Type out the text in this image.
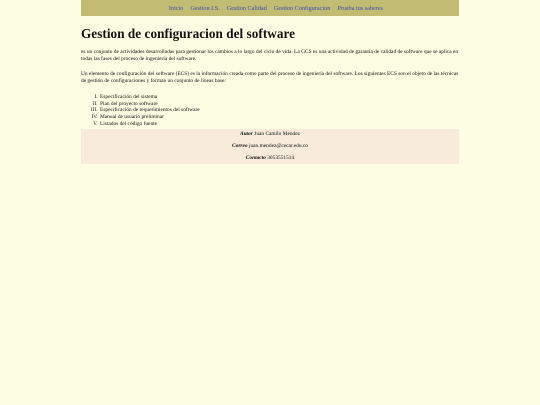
Inicio Gestion I.S. Gestion Calidad Gestion Configuracion Prueba tus saberes
Gestion de configuracion del software

es un conjunto de actividades desarrolladas para gestionar los cambios a lo largo del ciclo de vida. La GCS es una actividad de garantía de calidad de software que se aplica en todas las fases del proceso de ingeniería del software.

Un elemento de configuración del software (ECS) es la información creada como parte del proceso de ingeniería del software. Los siguientes ECS son el objeto de las técnicas de gestión de configuraciones y forman un conjunto de líneas base:

I. Especificación del sistema
II. Plan del proyecto software
III. Especificación de requerimientos del software
IV. Manual de usuario preliminar
V. Listados del código fuente
Autor Juan Camilo Mendez
Correo juan.mendez@cecar.edu.co
Contacto 3053551514
